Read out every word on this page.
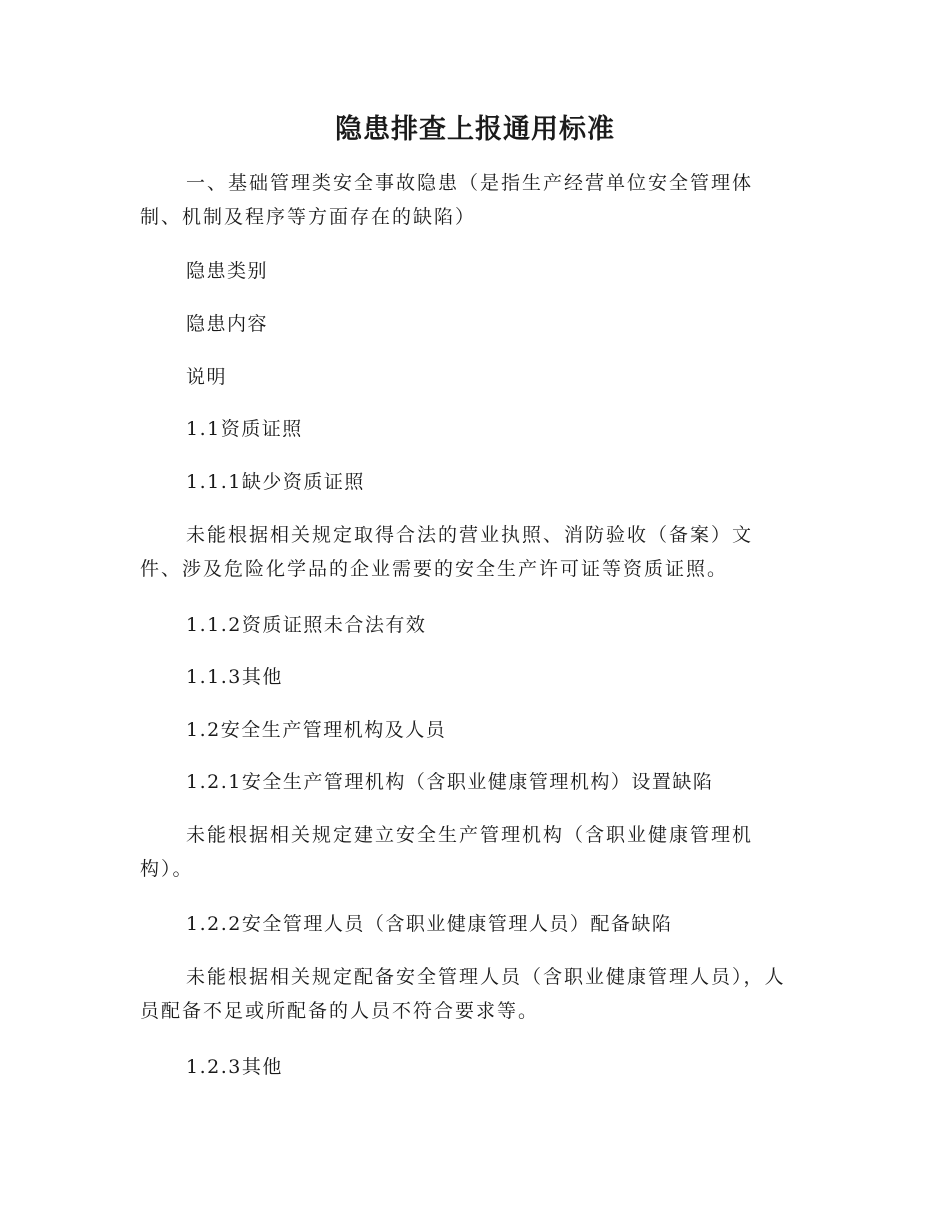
隐患排查上报通用标准

一、基础管理类安全事故隐患（是指生产经营单位安全管理体制、机制及程序等方面存在的缺陷）

隐患类别

隐患内容

说明

1.1资质证照

1.1.1缺少资质证照

未能根据相关规定取得合法的营业执照、消防验收（备案）文件、涉及危险化学品的企业需要的安全生产许可证等资质证照。

1.1.2资质证照未合法有效

1.1.3其他

1.2安全生产管理机构及人员

1.2.1安全生产管理机构（含职业健康管理机构）设置缺陷

未能根据相关规定建立安全生产管理机构（含职业健康管理机构）。

1.2.2安全管理人员（含职业健康管理人员）配备缺陷

未能根据相关规定配备安全管理人员（含职业健康管理人员），人员配备不足或所配备的人员不符合要求等。

1.2.3其他
